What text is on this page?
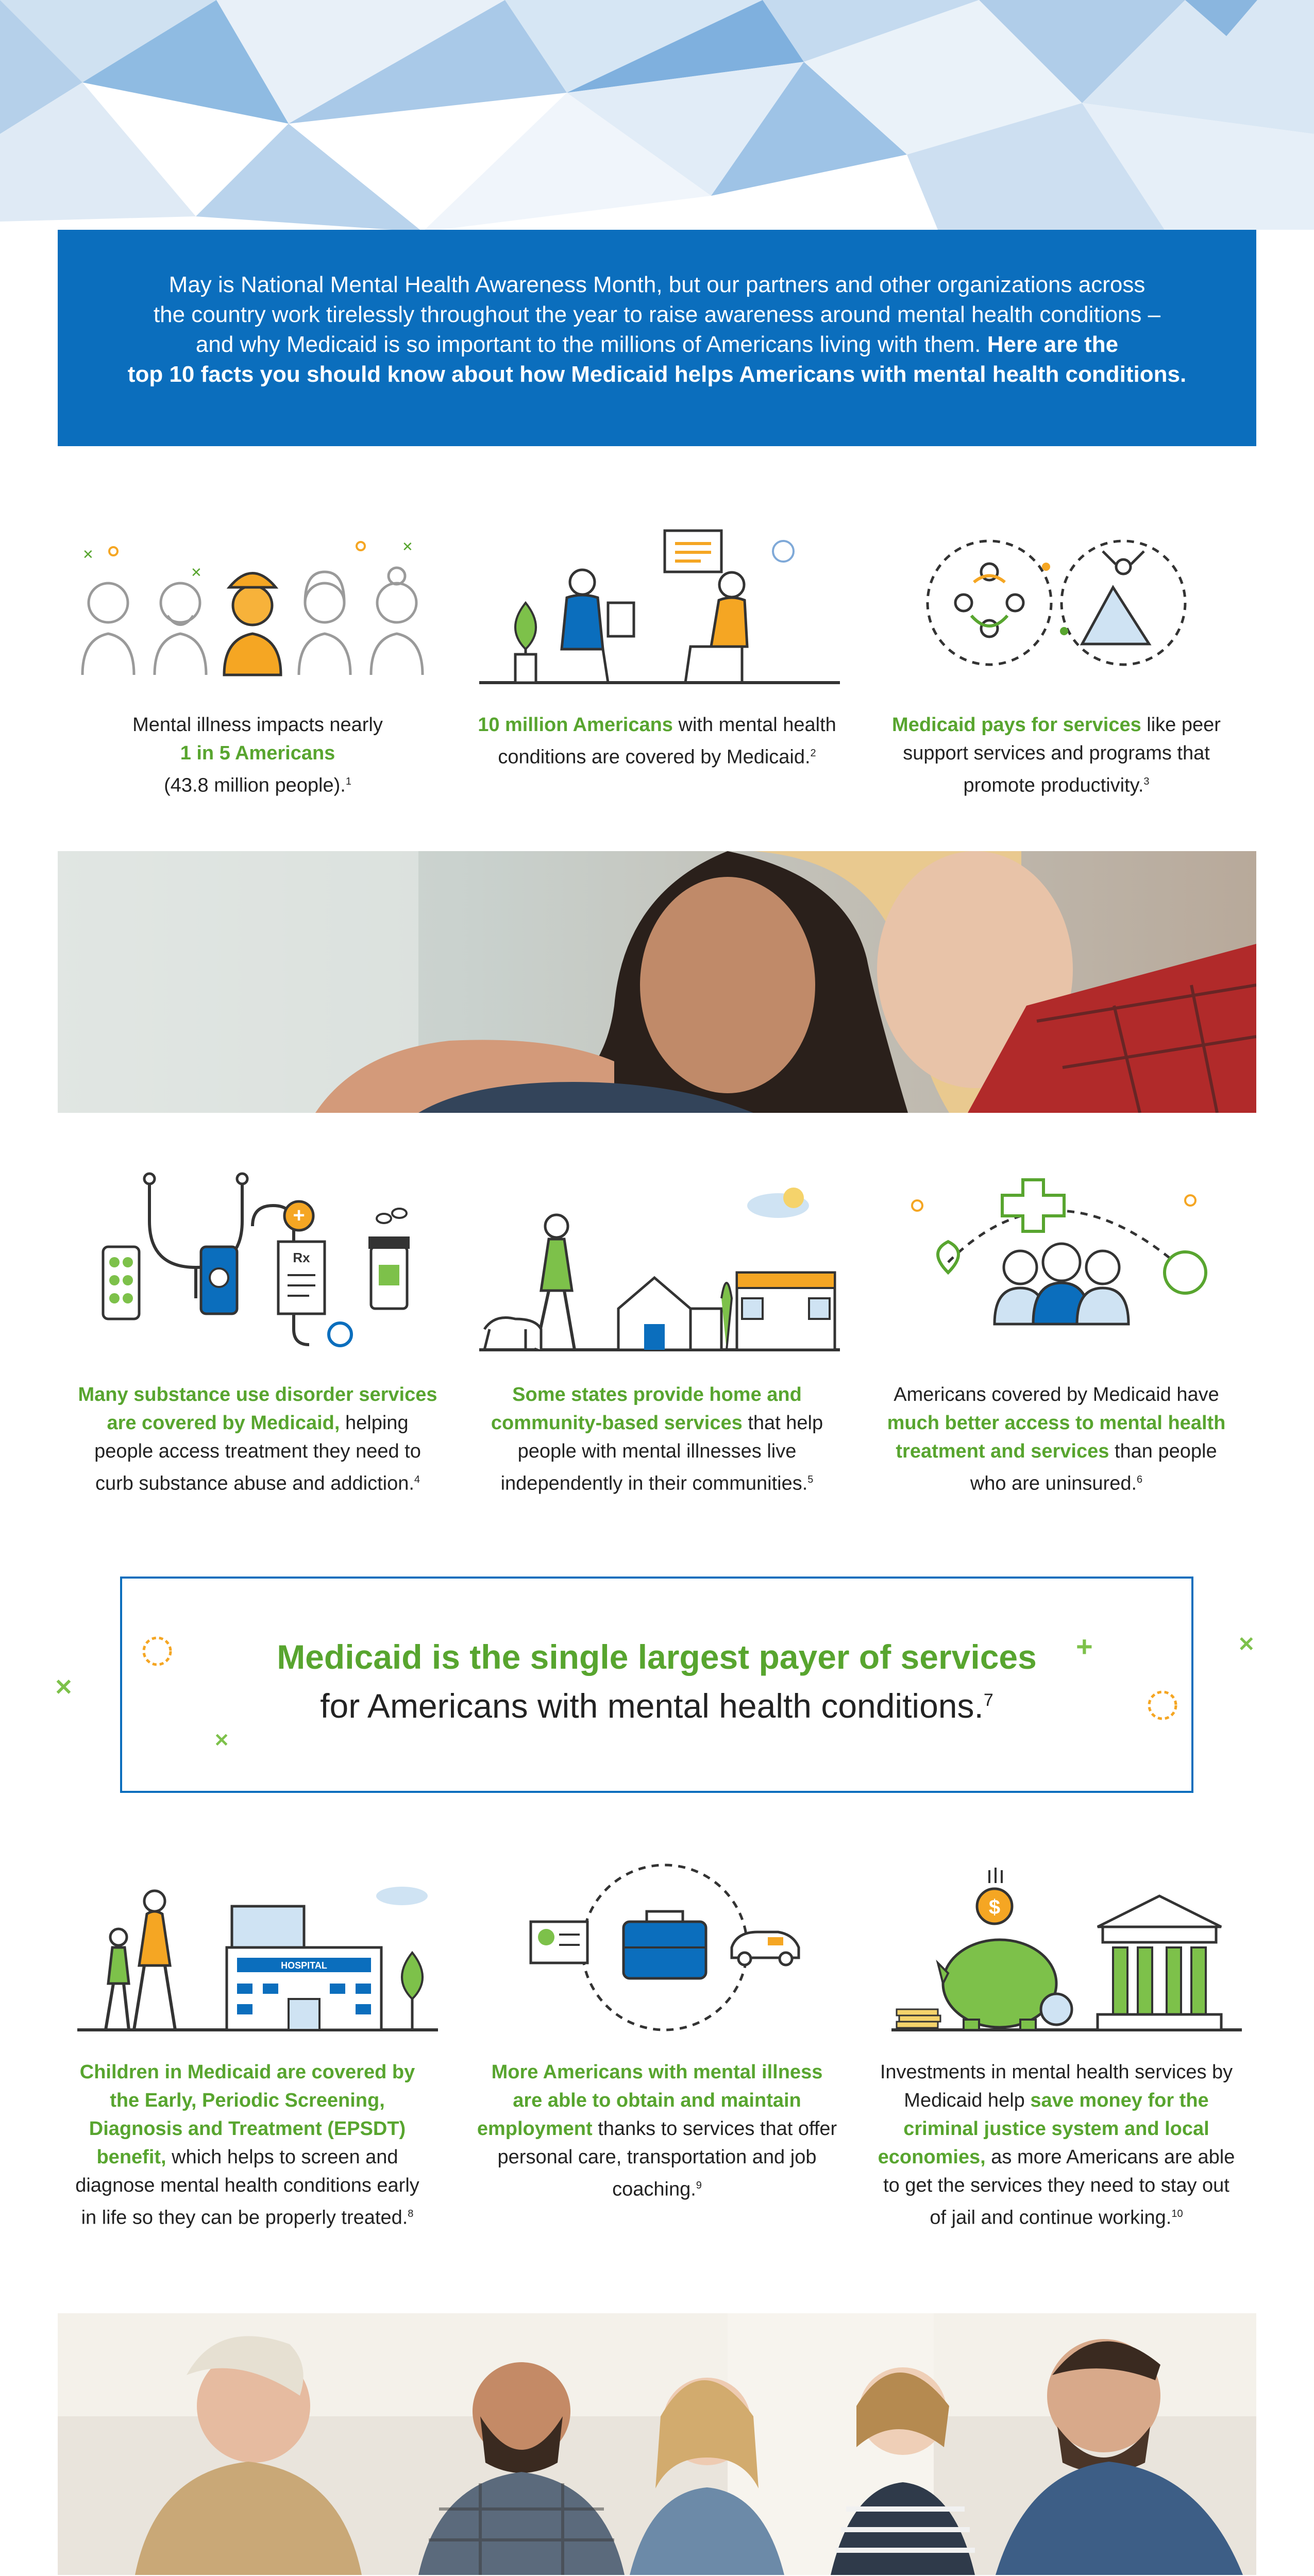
May is National Mental Health Awareness Month, but our partners and other organizations across
the country work tirelessly throughout the year to raise awareness around mental health conditions –
and why Medicaid is so important to the millions of Americans living with them. Here are the
top 10 facts you should know about how Medicaid helps Americans with mental health conditions.
✕
✕
✕
Mental illness impacts nearly
1 in 5 Americans
(43.8 million people).$^1$
10 million Americans with mental health conditions are covered by Medicaid.$^2$
Medicaid pays for services like peer support services and programs that promote productivity.$^3$
+
Rx
Many substance use disorder services are covered by Medicaid, helping people access treatment they need to curb substance abuse and addiction.$^4$
Some states provide home and community-based services that help people with mental illnesses live independently in their communities.$^5$
Americans covered by Medicaid have much better access to mental health treatment and services than people who are uninsured.$^6$
✕
✕
✕
+
Medicaid is the single largest payer of services
for Americans with mental health conditions.$^7$
HOSPITAL
$
Children in Medicaid are covered by the Early, Periodic Screening, Diagnosis and Treatment (EPSDT) benefit, which helps to screen and diagnose mental health conditions early in life so they can be properly treated.$^8$
More Americans with mental illness are able to obtain and maintain employment thanks to services that offer personal care, transportation and job coaching.$^9$
Investments in mental health services by Medicaid help save money for the criminal justice system and local economies, as more Americans are able to get the services they need to stay out of jail and continue working.$^{10}$
